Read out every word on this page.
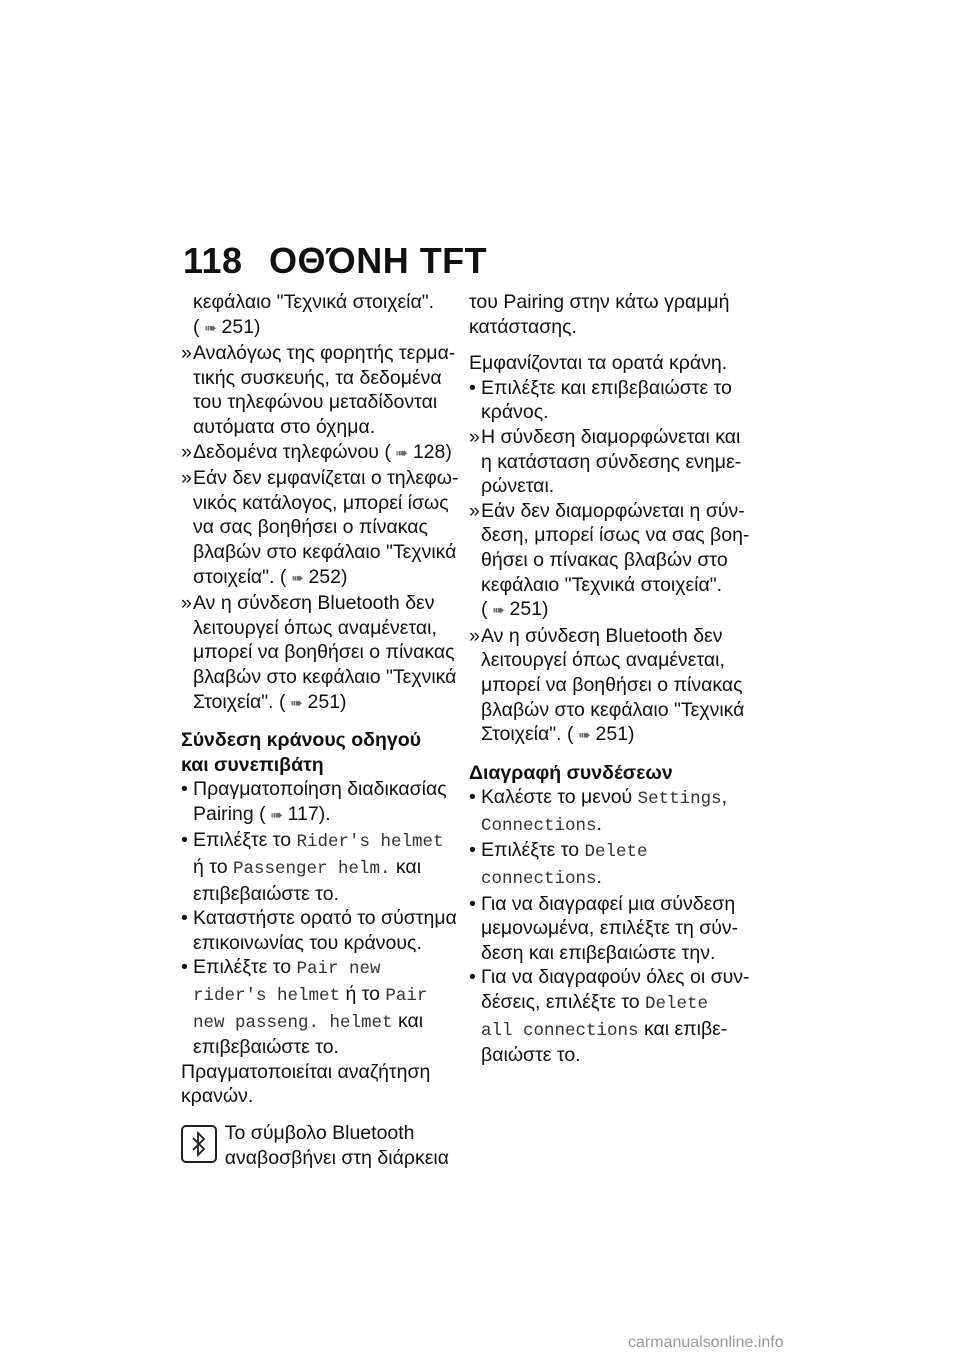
118 ΟΘΌΝΗ TFT
κεφάλαιο "Τεχνικά στοιχεία".
( ➠ 251)
»Αναλόγως της φορητής τερμα-
τικής συσκευής, τα δεδομένα
του τηλεφώνου μεταδίδονται
αυτόματα στο όχημα.
»Δεδομένα τηλεφώνου ( ➠ 128)
»Εάν δεν εμφανίζεται ο τηλεφω-
νικός κατάλογος, μπορεί ίσως
να σας βοηθήσει ο πίνακας
βλαβών στο κεφάλαιο "Τεχνικά
στοιχεία". ( ➠ 252)
»Αν η σύνδεση Bluetooth δεν
λειτουργεί όπως αναμένεται,
μπορεί να βοηθήσει ο πίνακας
βλαβών στο κεφάλαιο "Τεχνικά
Στοιχεία". ( ➠ 251)
Σύνδεση κράνους οδηγού
και συνεπιβάτη
• Πραγματοποίηση διαδικασίας
Pairing ( ➠ 117).
• Επιλέξτε το Rider's helmet
ή το Passenger helm. και
επιβεβαιώστε το.
• Καταστήστε ορατό το σύστημα
επικοινωνίας του κράνους.
• Επιλέξτε το Pair new
rider's helmet ή το Pair
new passeng. helmet και
επιβεβαιώστε το.
Πραγματοποιείται αναζήτηση
κρανών.
Το σύμβολο Bluetooth
αναβοσβήνει στη διάρκεια
του Pairing στην κάτω γραμμή
κατάστασης.
Εμφανίζονται τα ορατά κράνη.
• Επιλέξτε και επιβεβαιώστε το
κράνος.
»Η σύνδεση διαμορφώνεται και
η κατάσταση σύνδεσης ενημε-
ρώνεται.
»Εάν δεν διαμορφώνεται η σύν-
δεση, μπορεί ίσως να σας βοη-
θήσει ο πίνακας βλαβών στο
κεφάλαιο "Τεχνικά στοιχεία".
( ➠ 251)
»Αν η σύνδεση Bluetooth δεν
λειτουργεί όπως αναμένεται,
μπορεί να βοηθήσει ο πίνακας
βλαβών στο κεφάλαιο "Τεχνικά
Στοιχεία". ( ➠ 251)
Διαγραφή συνδέσεων
• Καλέστε το μενού Settings,
Connections.
• Επιλέξτε το Delete
connections.
• Για να διαγραφεί μια σύνδεση
μεμονωμένα, επιλέξτε τη σύν-
δεση και επιβεβαιώστε την.
• Για να διαγραφούν όλες οι συν-
δέσεις, επιλέξτε το Delete
all connections και επιβε-
βαιώστε το.
carmanualsonline.info
